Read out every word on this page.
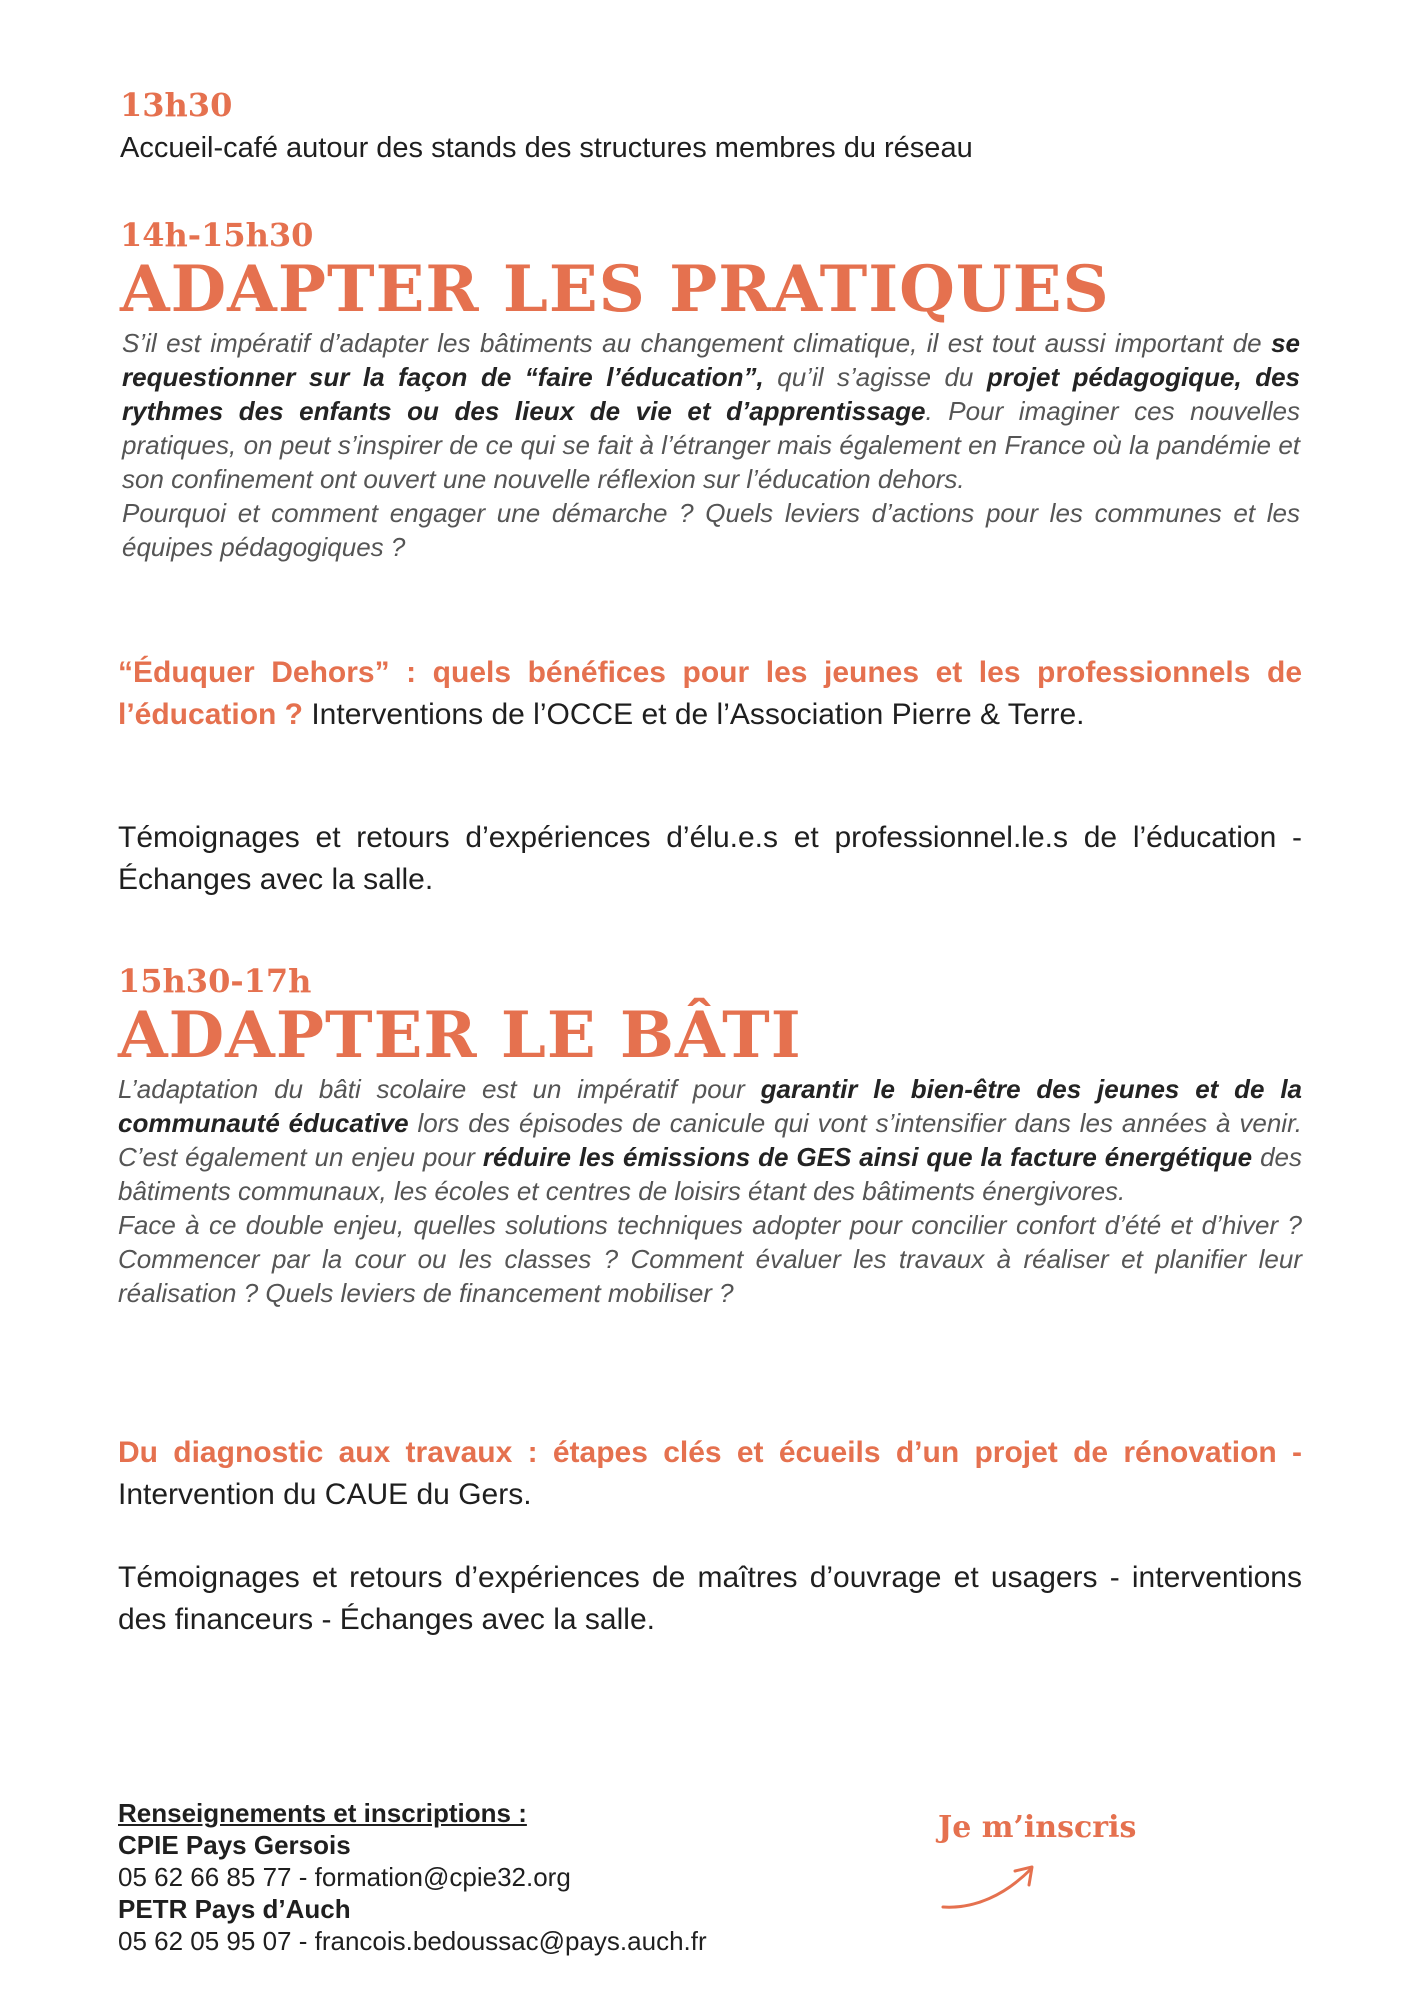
13h30
Accueil-café autour des stands des structures membres du réseau
14h-15h30
ADAPTER LES PRATIQUES

S’il est impératif d’adapter les bâtiments au changement climatique, il est tout aussi important de se requestionner sur la façon de “faire l’éducation”, qu’il s’agisse du projet pédagogique, des rythmes des enfants ou des lieux de vie et d’apprentissage. Pour imaginer ces nouvelles pratiques, on peut s’inspirer de ce qui se fait à l’étranger mais également en France où la pandémie et son confinement ont ouvert une nouvelle réflexion sur l’éducation dehors.

Pourquoi et comment engager une démarche ? Quels leviers d’actions pour les communes et les équipes pédagogiques ?

“Éduquer Dehors” : quels bénéfices pour les jeunes et les professionnels de l’éducation ? Interventions de l’OCCE et de l’Association Pierre & Terre.

Témoignages et retours d’expériences d’élu.e.s et professionnel.le.s de l’éducation - Échanges avec la salle.

15h30-17h
ADAPTER LE BÂTI

L’adaptation du bâti scolaire est un impératif pour garantir le bien-être des jeunes et de la communauté éducative lors des épisodes de canicule qui vont s’intensifier dans les années à venir. C’est également un enjeu pour réduire les émissions de GES ainsi que la facture énergétique des bâtiments communaux, les écoles et centres de loisirs étant des bâtiments énergivores.

Face à ce double enjeu, quelles solutions techniques adopter pour concilier confort d’été et d’hiver ? Commencer par la cour ou les classes ? Comment évaluer les travaux à réaliser et planifier leur réalisation ? Quels leviers de financement mobiliser ?

Du diagnostic aux travaux : étapes clés et écueils d’un projet de rénovation - Intervention du CAUE du Gers.

Témoignages et retours d’expériences de maîtres d’ouvrage et usagers - interventions des financeurs - Échanges avec la salle.

Renseignements et inscriptions :
CPIE Pays Gersois
05 62 66 85 77 - formation@cpie32.org
PETR Pays d’Auch
05 62 05 95 07 - francois.bedoussac@pays.auch.fr
Je m’inscris
